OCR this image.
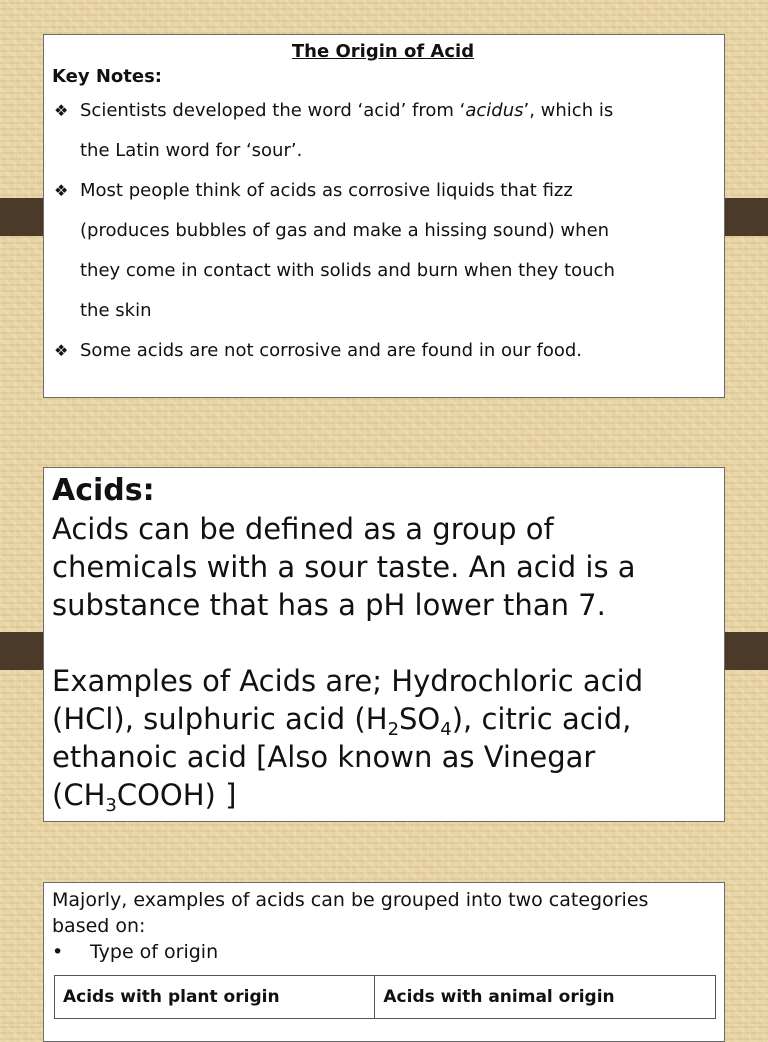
The Origin of Acid
Key Notes:
❖ Scientists developed the word ‘acid’ from ‘acidus’, which is
the Latin word for ‘sour’.
❖ Most people think of acids as corrosive liquids that fizz
(produces bubbles of gas and make a hissing sound) when
they come in contact with solids and burn when they touch
the skin
❖ Some acids are not corrosive and are found in our food.
Acids:

Acids can be defined as a group of

chemicals with a sour taste. An acid is a

substance that has a pH lower than 7.

Examples of Acids are; Hydrochloric acid

(HCl), sulphuric acid $(H_2SO_4)$, citric acid,

ethanoic acid [Also known as Vinegar

$(CH_3COOH)$ ]

Majorly, examples of acids can be grouped into two categories

based on:

• Type of origin

Acids with plant origin	Acids with animal origin
